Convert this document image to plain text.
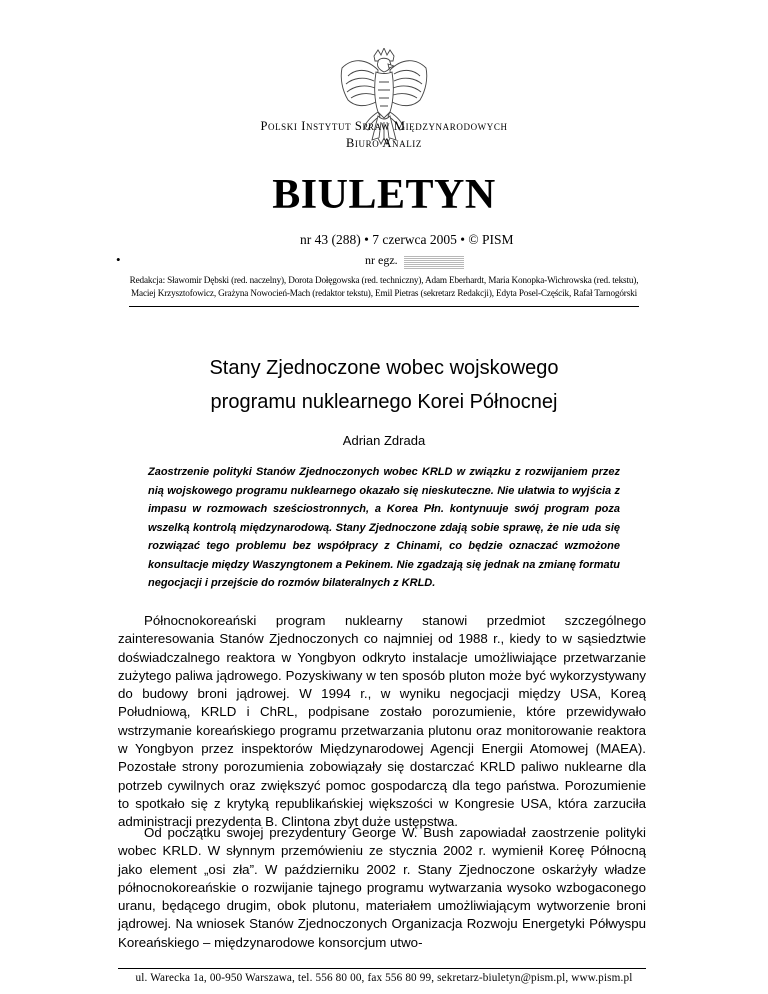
Polski Instytut Spraw Międzynarodowych
Biuro Analiz
BIULETYN
nr 43 (288) • 7 czerwca 2005 • © PISM
•	nr egz.
Redakcja: Sławomir Dębski (red. naczelny), Dorota Dołęgowska (red. techniczny), Adam Eberhardt, Maria Konopka-Wichrowska (red. tekstu),
Maciej Krzysztofowicz, Grażyna Nowocień-Mach (redaktor tekstu), Emil Pietras (sekretarz Redakcji), Edyta Posel-Częścik, Rafał Tarnogórski
Stany Zjednoczone wobec wojskowego
programu nuklearnego Korei Północnej
Adrian Zdrada
Zaostrzenie polityki Stanów Zjednoczonych wobec KRLD w związku z rozwijaniem przez nią wojskowego programu nuklearnego okazało się nieskuteczne. Nie ułatwia to wyjścia z impasu w rozmowach sześciostronnych, a Korea Płn. kontynuuje swój program poza wszelką kontrolą międzynarodową. Stany Zjednoczone zdają sobie sprawę, że nie uda się rozwiązać tego problemu bez współpracy z Chinami, co będzie oznaczać wzmożone konsultacje między Waszyngtonem a Pekinem. Nie zgadzają się jednak na zmianę formatu negocjacji i przejście do rozmów bilateralnych z KRLD.
Północnokoreański program nuklearny stanowi przedmiot szczególnego zainteresowania Stanów Zjednoczonych co najmniej od 1988 r., kiedy to w sąsiedztwie doświadczalnego reaktora w Yongbyon odkryto instalacje umożliwiające przetwarzanie zużytego paliwa jądrowego. Pozyskiwany w ten sposób pluton może być wykorzystywany do budowy broni jądrowej. W 1994 r., w wyniku negocjacji między USA, Koreą Południową, KRLD i ChRL, podpisane zostało porozumienie, które przewidywało wstrzymanie koreańskiego programu przetwarzania plutonu oraz monitorowanie reaktora w Yongbyon przez inspektorów Międzynarodowej Agencji Energii Atomowej (MAEA). Pozostałe strony porozumienia zobowiązały się dostarczać KRLD paliwo nuklearne dla potrzeb cywilnych oraz zwiększyć pomoc gospodarczą dla tego państwa. Porozumienie to spotkało się z krytyką republikańskiej większości w Kongresie USA, która zarzuciła administracji prezydenta B. Clintona zbyt duże ustępstwa.
Od początku swojej prezydentury George W. Bush zapowiadał zaostrzenie polityki wobec KRLD. W słynnym przemówieniu ze stycznia 2002 r. wymienił Koreę Północną jako element „osi zła”. W październiku 2002 r. Stany Zjednoczone oskarżyły władze północnokoreańskie o rozwijanie tajnego programu wytwarzania wysoko wzbogaconego uranu, będącego drugim, obok plutonu, materiałem umożliwiającym wytworzenie broni jądrowej. Na wniosek Stanów Zjednoczonych Organizacja Rozwoju Energetyki Półwyspu Koreańskiego – międzynarodowe konsorcjum utwo-
ul. Warecka 1a, 00-950 Warszawa, tel. 556 80 00, fax 556 80 99, sekretarz-biuletyn@pism.pl, www.pism.pl
